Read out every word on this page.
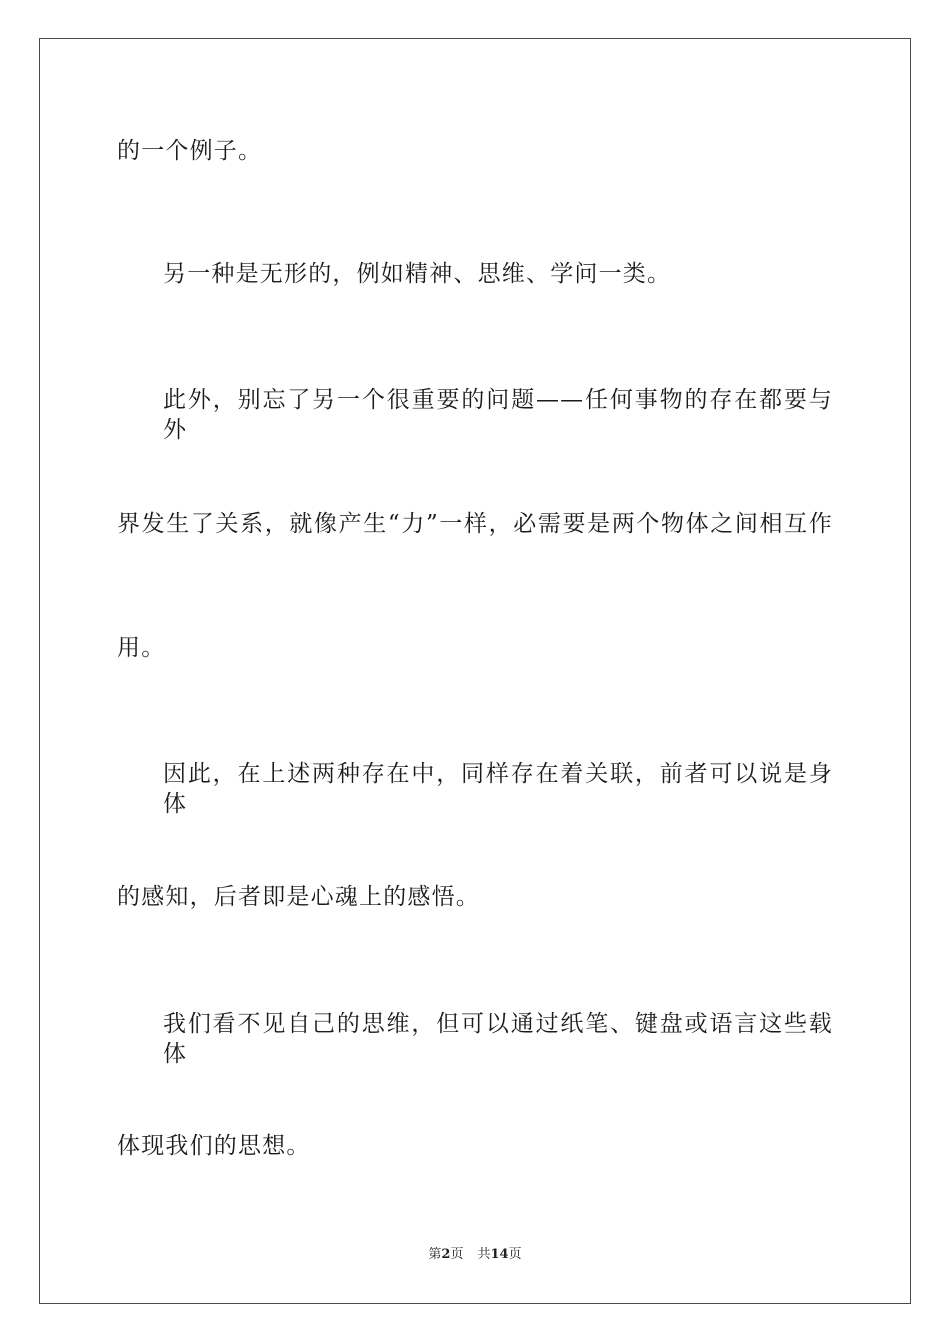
的一个例子。
另一种是无形的，例如精神、思维、学问一类。
此外，别忘了另一个很重要的问题——任何事物的存在都要与外
界发生了关系，就像产生“力”一样，必需要是两个物体之间相互作
用。
因此，在上述两种存在中，同样存在着关联，前者可以说是身体
的感知，后者即是心魂上的感悟。
我们看不见自己的思维，但可以通过纸笔、键盘或语言这些载体
体现我们的思想。
第2页 共14页
